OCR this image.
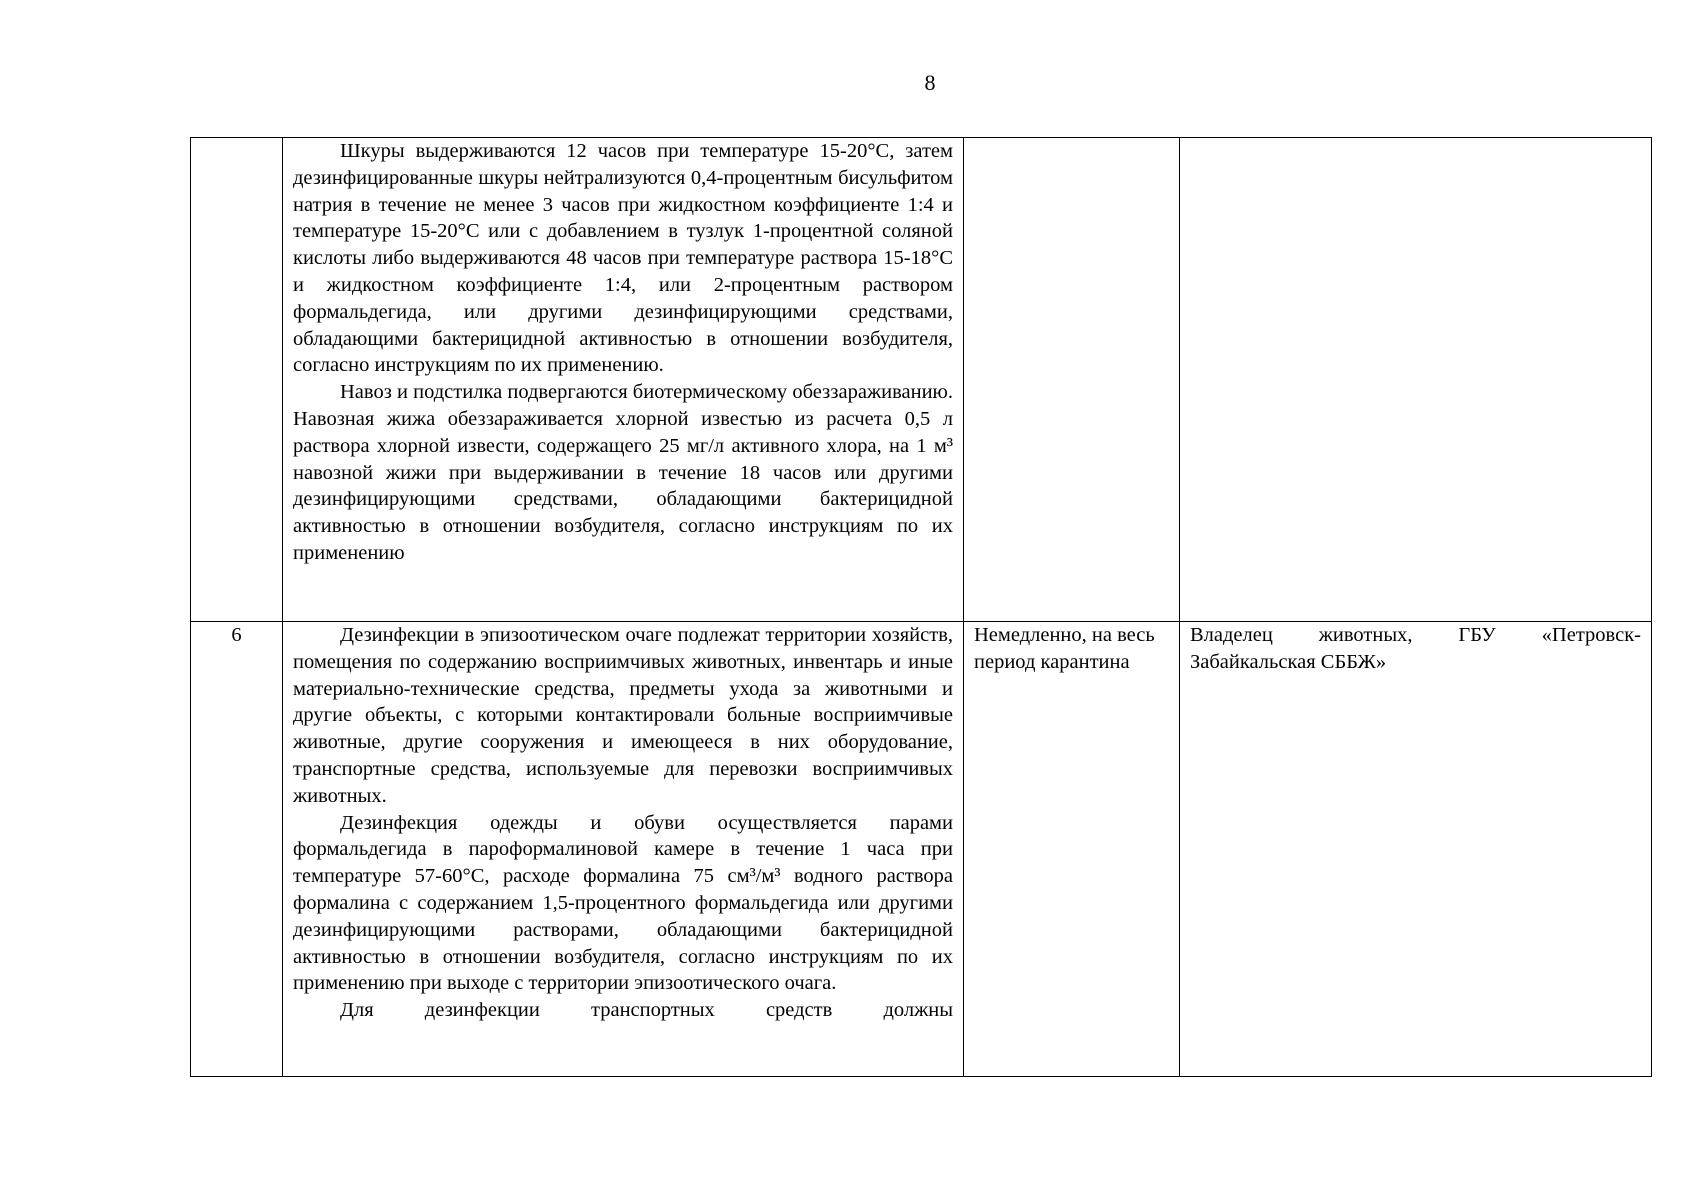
8

	Шкуры выдерживаются 12 часов при температуре 15-20°С, затем дезинфицированные шкуры нейтрализуются 0,4-процентным бисульфитом натрия в течение не менее 3 часов при жидкостном коэффициенте 1:4 и температуре 15-20°С или с добавлением в тузлук 1-процентной соляной кислоты либо выдерживаются 48 часов при температуре раствора 15-18°С и жидкостном коэффициенте 1:4, или 2-процентным раствором формальдегида, или другими дезинфицирующими средствами, обладающими бактерицидной активностью в отношении возбудителя, согласно инструкциям по их применению.

Навоз и подстилка подвергаются биотермическому обеззараживанию. Навозная жижа обеззараживается хлорной известью из расчета 0,5 л раствора хлорной извести, содержащего 25 мг/л активного хлора, на 1 м³ навозной жижи при выдерживании в течение 18 часов или другими дезинфицирующими средствами, обладающими бактерицидной активностью в отношении возбудителя, согласно инструкциям по их применению		

6	Дезинфекции в эпизоотическом очаге подлежат территории хозяйств, помещения по содержанию восприимчивых животных, инвентарь и иные материально-технические средства, предметы ухода за животными и другие объекты, с которыми контактировали больные восприимчивые животные, другие сооружения и имеющееся в них оборудование, транспортные средства, используемые для перевозки восприимчивых животных.

Дезинфекция одежды и обуви осуществляется парами формальдегида в пароформалиновой камере в течение 1 часа при температуре 57-60°С, расходе формалина 75 см³/м³ водного раствора формалина с содержанием 1,5-процентного формальдегида или другими дезинфицирующими растворами, обладающими бактерицидной активностью в отношении возбудителя, согласно инструкциям по их применению при выходе с территории эпизоотического очага.

Для дезинфекции транспортных средств должны	Немедленно, на весь период карантина	Владелец животных, ГБУ «Петровск-Забайкальская СББЖ»
